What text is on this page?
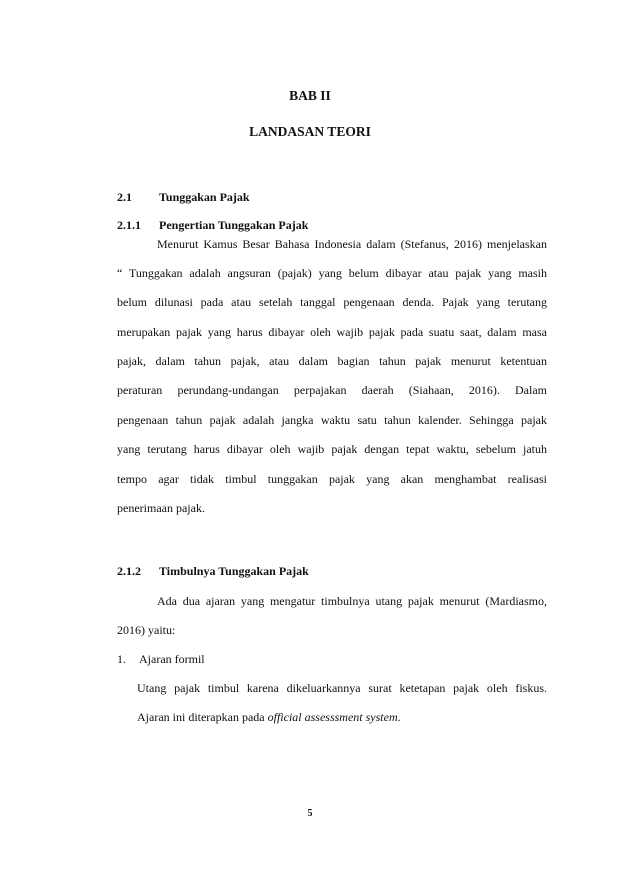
BAB II
LANDASAN TEORI
2.1 Tunggakan Pajak
2.1.1 Pengertian Tunggakan Pajak
Menurut Kamus Besar Bahasa Indonesia dalam (Stefanus, 2016) menjelaskan
“ Tunggakan adalah angsuran (pajak) yang belum dibayar atau pajak yang masih
belum dilunasi pada atau setelah tanggal pengenaan denda. Pajak yang terutang
merupakan pajak yang harus dibayar oleh wajib pajak pada suatu saat, dalam masa
pajak, dalam tahun pajak, atau dalam bagian tahun pajak menurut ketentuan
peraturan perundang-undangan perpajakan daerah (Siahaan, 2016). Dalam
pengenaan tahun pajak adalah jangka waktu satu tahun kalender. Sehingga pajak
yang terutang harus dibayar oleh wajib pajak dengan tepat waktu, sebelum jatuh
tempo agar tidak timbul tunggakan pajak yang akan menghambat realisasi
penerimaan pajak.
2.1.2 Timbulnya Tunggakan Pajak
Ada dua ajaran yang mengatur timbulnya utang pajak menurut (Mardiasmo,
2016) yaitu:
1. Ajaran formil
Utang pajak timbul karena dikeluarkannya surat ketetapan pajak oleh fiskus.
Ajaran ini diterapkan pada official assesssment system.
5
